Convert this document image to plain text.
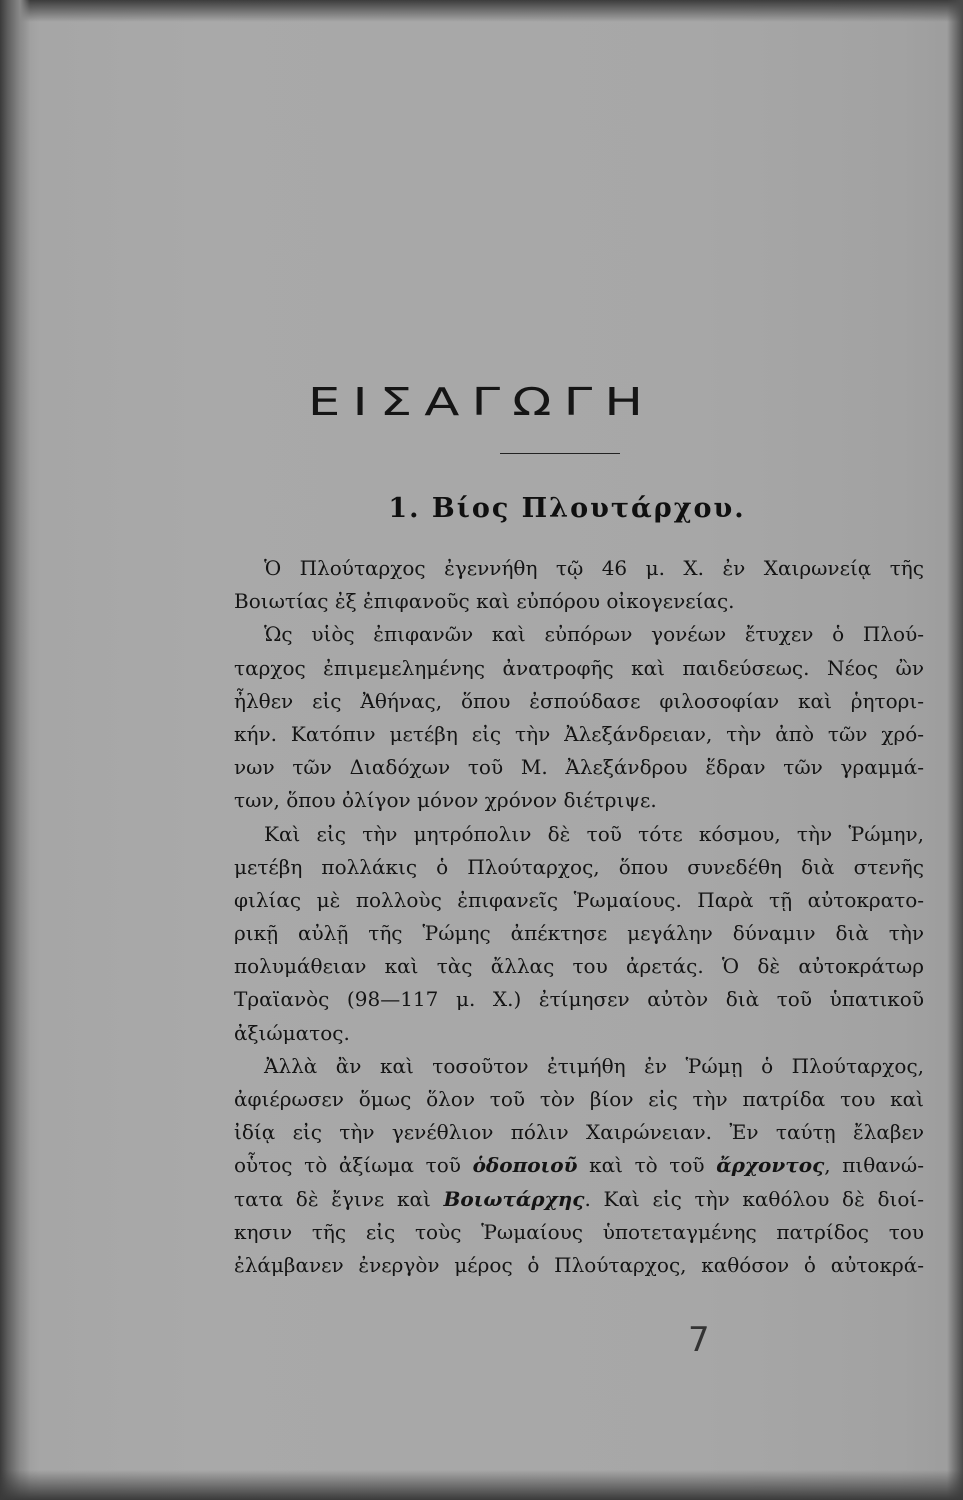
ΕΙΣΑΓΩΓΗ
1. Βίος Πλουτάρχου.
Ὁ Πλούταρχος ἐγεννήθη τῷ 46 μ. Χ. ἐν Χαιρωνείᾳ τῆς
Βοιωτίας ἐξ ἐπιφανοῦς καὶ εὐπόρου οἰκογενείας.
Ὡς υἱὸς ἐπιφανῶν καὶ εὐπόρων γονέων ἔτυχεν ὁ Πλού-
ταρχος ἐπιμεμελημένης ἀνατροφῆς καὶ παιδεύσεως. Νέος ὢν
ἦλθεν εἰς Ἀθήνας, ὅπου ἐσπούδασε φιλοσοφίαν καὶ ῥητορι-
κήν. Κατόπιν μετέβη εἰς τὴν Ἀλεξάνδρειαν, τὴν ἀπὸ τῶν χρό-
νων τῶν Διαδόχων τοῦ Μ. Ἀλεξάνδρου ἕδραν τῶν γραμμά-
των, ὅπου ὀλίγον μόνον χρόνον διέτριψε.
Καὶ εἰς τὴν μητρόπολιν δὲ τοῦ τότε κόσμου, τὴν Ῥώμην,
μετέβη πολλάκις ὁ Πλούταρχος, ὅπου συνεδέθη διὰ στενῆς
φιλίας μὲ πολλοὺς ἐπιφανεῖς Ῥωμαίους. Παρὰ τῇ αὐτοκρατο-
ρικῇ αὐλῇ τῆς Ῥώμης ἀπέκτησε μεγάλην δύναμιν διὰ τὴν
πολυμάθειαν καὶ τὰς ἄλλας του ἀρετάς. Ὁ δὲ αὐτοκράτωρ
Τραϊανὸς (98—117 μ. Χ.) ἐτίμησεν αὐτὸν διὰ τοῦ ὑπατικοῦ
ἀξιώματος.
Ἀλλὰ ἂν καὶ τοσοῦτον ἐτιμήθη ἐν Ῥώμῃ ὁ Πλούταρχος,
ἀφιέρωσεν ὅμως ὅλον τοῦ τὸν βίον εἰς τὴν πατρίδα του καὶ
ἰδίᾳ εἰς τὴν γενέθλιον πόλιν Χαιρώνειαν. Ἐν ταύτῃ ἔλαβεν
οὗτος τὸ ἀξίωμα τοῦ ὁδοποιοῦ καὶ τὸ τοῦ ἄρχοντος, πιθανώ-
τατα δὲ ἔγινε καὶ Βοιωτάρχης. Καὶ εἰς τὴν καθόλου δὲ διοί-
κησιν τῆς εἰς τοὺς Ῥωμαίους ὑποτεταγμένης πατρίδος του
ἐλάμβανεν ἐνεργὸν μέρος ὁ Πλούταρχος, καθόσον ὁ αὐτοκρά-
7
